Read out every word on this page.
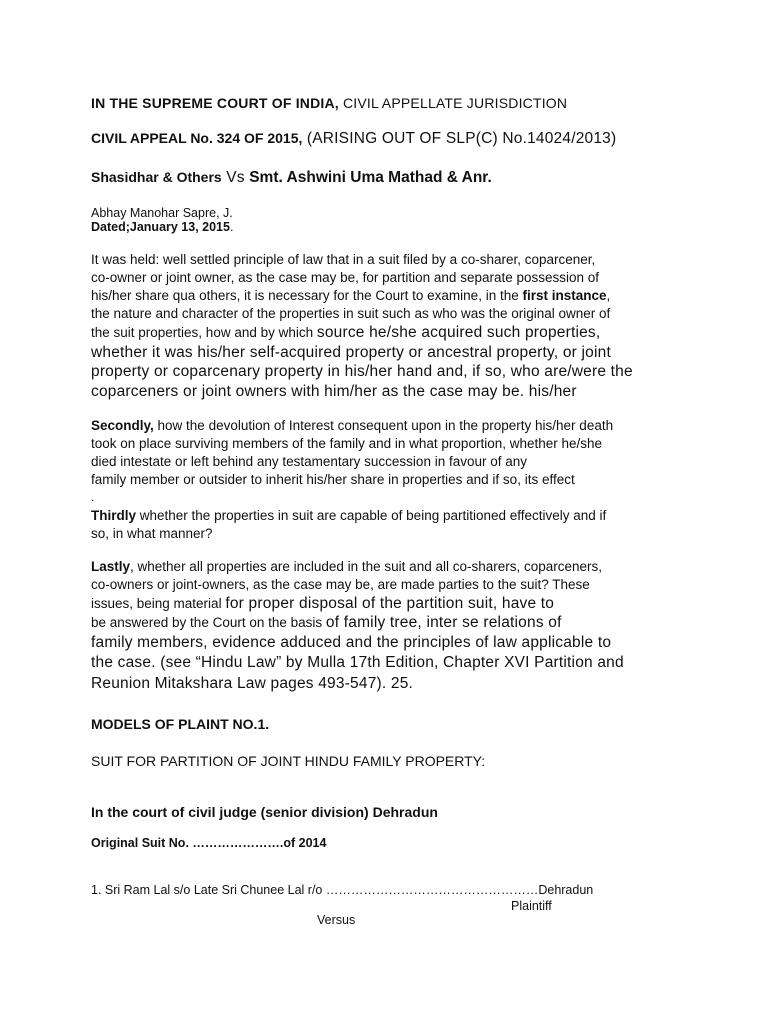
IN THE SUPREME COURT OF INDIA, CIVIL APPELLATE JURISDICTION
CIVIL APPEAL No. 324 OF 2015, (ARISING OUT OF SLP(C) No.14024/2013)
Shasidhar & Others Vs Smt. Ashwini Uma Mathad & Anr.
Abhay Manohar Sapre, J.
Dated;January 13, 2015.
It was held: well settled principle of law that in a suit filed by a co-sharer, coparcener,
co-owner or joint owner, as the case may be, for partition and separate possession of
his/her share qua others, it is necessary for the Court to examine, in the first instance,
the nature and character of the properties in suit such as who was the original owner of
the suit properties, how and by which source he/she acquired such properties,
whether it was his/her self-acquired property or ancestral property, or joint
property or coparcenary property in his/her hand and, if so, who are/were the
coparceners or joint owners with him/her as the case may be. his/her
Secondly, how the devolution of Interest consequent upon in the property his/her death
took on place surviving members of the family and in what proportion, whether he/she
died intestate or left behind any testamentary succession in favour of any
family member or outsider to inherit his/her share in properties and if so, its effect
.
Thirdly whether the properties in suit are capable of being partitioned effectively and if
so, in what manner?
Lastly, whether all properties are included in the suit and all co-sharers, coparceners,
co-owners or joint-owners, as the case may be, are made parties to the suit? These
issues, being material for proper disposal of the partition suit, have to
be answered by the Court on the basis of family tree, inter se relations of
family members, evidence adduced and the principles of law applicable to
the case. (see “Hindu Law” by Mulla 17th Edition, Chapter XVI Partition and
Reunion Mitakshara Law pages 493-547). 25.
MODELS OF PLAINT NO.1.
SUIT FOR PARTITION OF JOINT HINDU FAMILY PROPERTY:
In the court of civil judge (senior division) Dehradun
Original Suit No. ………………….of 2014
1. Sri Ram Lal s/o Late Sri Chunee Lal r/o ……………………………………………Dehradun
Plaintiff
Versus
